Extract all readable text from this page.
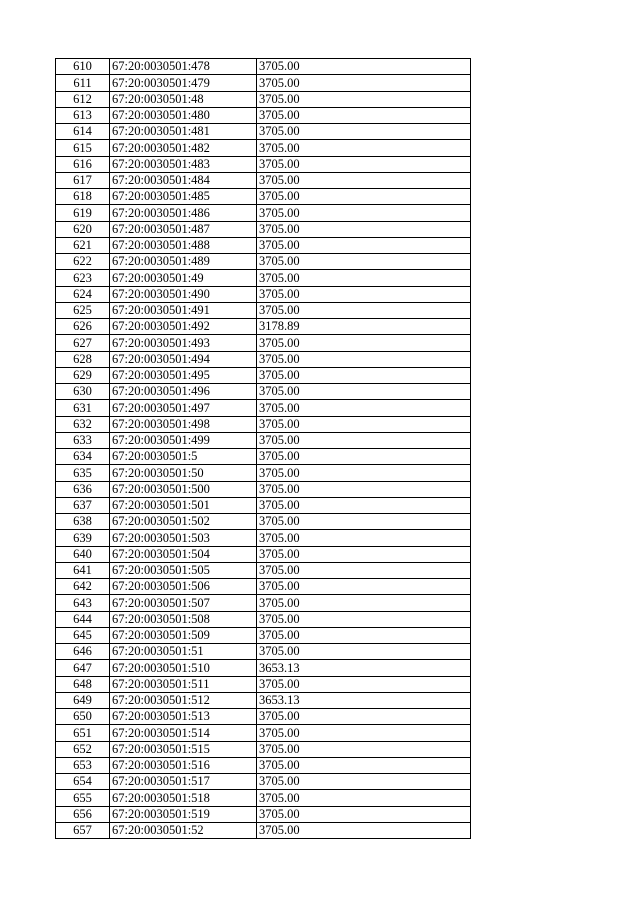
610	67:20:0030501:478	3705.00
611	67:20:0030501:479	3705.00
612	67:20:0030501:48	3705.00
613	67:20:0030501:480	3705.00
614	67:20:0030501:481	3705.00
615	67:20:0030501:482	3705.00
616	67:20:0030501:483	3705.00
617	67:20:0030501:484	3705.00
618	67:20:0030501:485	3705.00
619	67:20:0030501:486	3705.00
620	67:20:0030501:487	3705.00
621	67:20:0030501:488	3705.00
622	67:20:0030501:489	3705.00
623	67:20:0030501:49	3705.00
624	67:20:0030501:490	3705.00
625	67:20:0030501:491	3705.00
626	67:20:0030501:492	3178.89
627	67:20:0030501:493	3705.00
628	67:20:0030501:494	3705.00
629	67:20:0030501:495	3705.00
630	67:20:0030501:496	3705.00
631	67:20:0030501:497	3705.00
632	67:20:0030501:498	3705.00
633	67:20:0030501:499	3705.00
634	67:20:0030501:5	3705.00
635	67:20:0030501:50	3705.00
636	67:20:0030501:500	3705.00
637	67:20:0030501:501	3705.00
638	67:20:0030501:502	3705.00
639	67:20:0030501:503	3705.00
640	67:20:0030501:504	3705.00
641	67:20:0030501:505	3705.00
642	67:20:0030501:506	3705.00
643	67:20:0030501:507	3705.00
644	67:20:0030501:508	3705.00
645	67:20:0030501:509	3705.00
646	67:20:0030501:51	3705.00
647	67:20:0030501:510	3653.13
648	67:20:0030501:511	3705.00
649	67:20:0030501:512	3653.13
650	67:20:0030501:513	3705.00
651	67:20:0030501:514	3705.00
652	67:20:0030501:515	3705.00
653	67:20:0030501:516	3705.00
654	67:20:0030501:517	3705.00
655	67:20:0030501:518	3705.00
656	67:20:0030501:519	3705.00
657	67:20:0030501:52	3705.00
